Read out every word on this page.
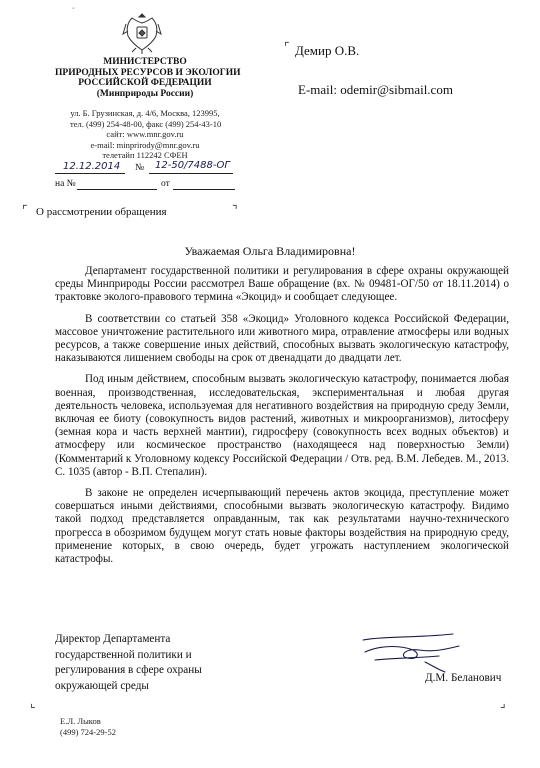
˘
МИНИСТЕРСТВО
ПРИРОДНЫХ РЕСУРСОВ И ЭКОЛОГИИ
РОССИЙСКОЙ ФЕДЕРАЦИИ
(Минприроды России)
ул. Б. Грузинская, д. 4/6, Москва, 123995,
тел. (499) 254-48-00, факс (499) 254-43-10
сайт: www.mnr.gov.ru
e-mail: minprirody@mnr.gov.ru
телетайп 112242 СФЕН
12.12.2014 № 12-50/7488-ОГ
на №	от
⌜ Демир О.В.
E-mail: odemir@sibmail.com
⌜ О рассмотрении обращения	⌝
Уважаемая Ольга Владимировна!

Департамент государственной политики и регулирования в сфере охраны окружающей среды Минприроды России рассмотрел Ваше обращение (вх. № 09481-ОГ/50 от 18.11.2014) о трактовке эколого-правового термина «Экоцид» и сообщает следующее.

В соответствии со статьей 358 «Экоцид» Уголовного кодекса Российской Федерации, массовое уничтожение растительного или животного мира, отравление атмосферы или водных ресурсов, а также совершение иных действий, способных вызвать экологическую катастрофу, наказываются лишением свободы на срок от двенадцати до двадцати лет.

Под иным действием, способным вызвать экологическую катастрофу, понимается любая военная, производственная, исследовательская, экспериментальная и любая другая деятельность человека, используемая для негативного воздействия на природную среду Земли, включая ее биоту (совокупность видов растений, животных и микроорганизмов), литосферу (земная кора и часть верхней мантии), гидросферу (совокупность всех водных объектов) и атмосферу или космическое пространство (находящееся над поверхностью Земли) (Комментарий к Уголовному кодексу Российской Федерации / Отв. ред. В.М. Лебедев. М., 2013. С. 1035 (автор - В.П. Степалин).

В законе не определен исчерпывающий перечень актов экоцида, преступление может совершаться иными действиями, способными вызвать экологическую катастрофу. Видимо такой подход представляется оправданным, так как результатами научно-технического прогресса в обозримом будущем могут стать новые факторы воздействия на природную среду, применение которых, в свою очередь, будет угрожать наступлением экологической катастрофы.

Директор Департамента
государственной политики и
регулирования в сфере охраны
окружающей среды
Д.М. Беланович
⌞	⌟
Е.Л. Лыков
(499) 724-29-52
